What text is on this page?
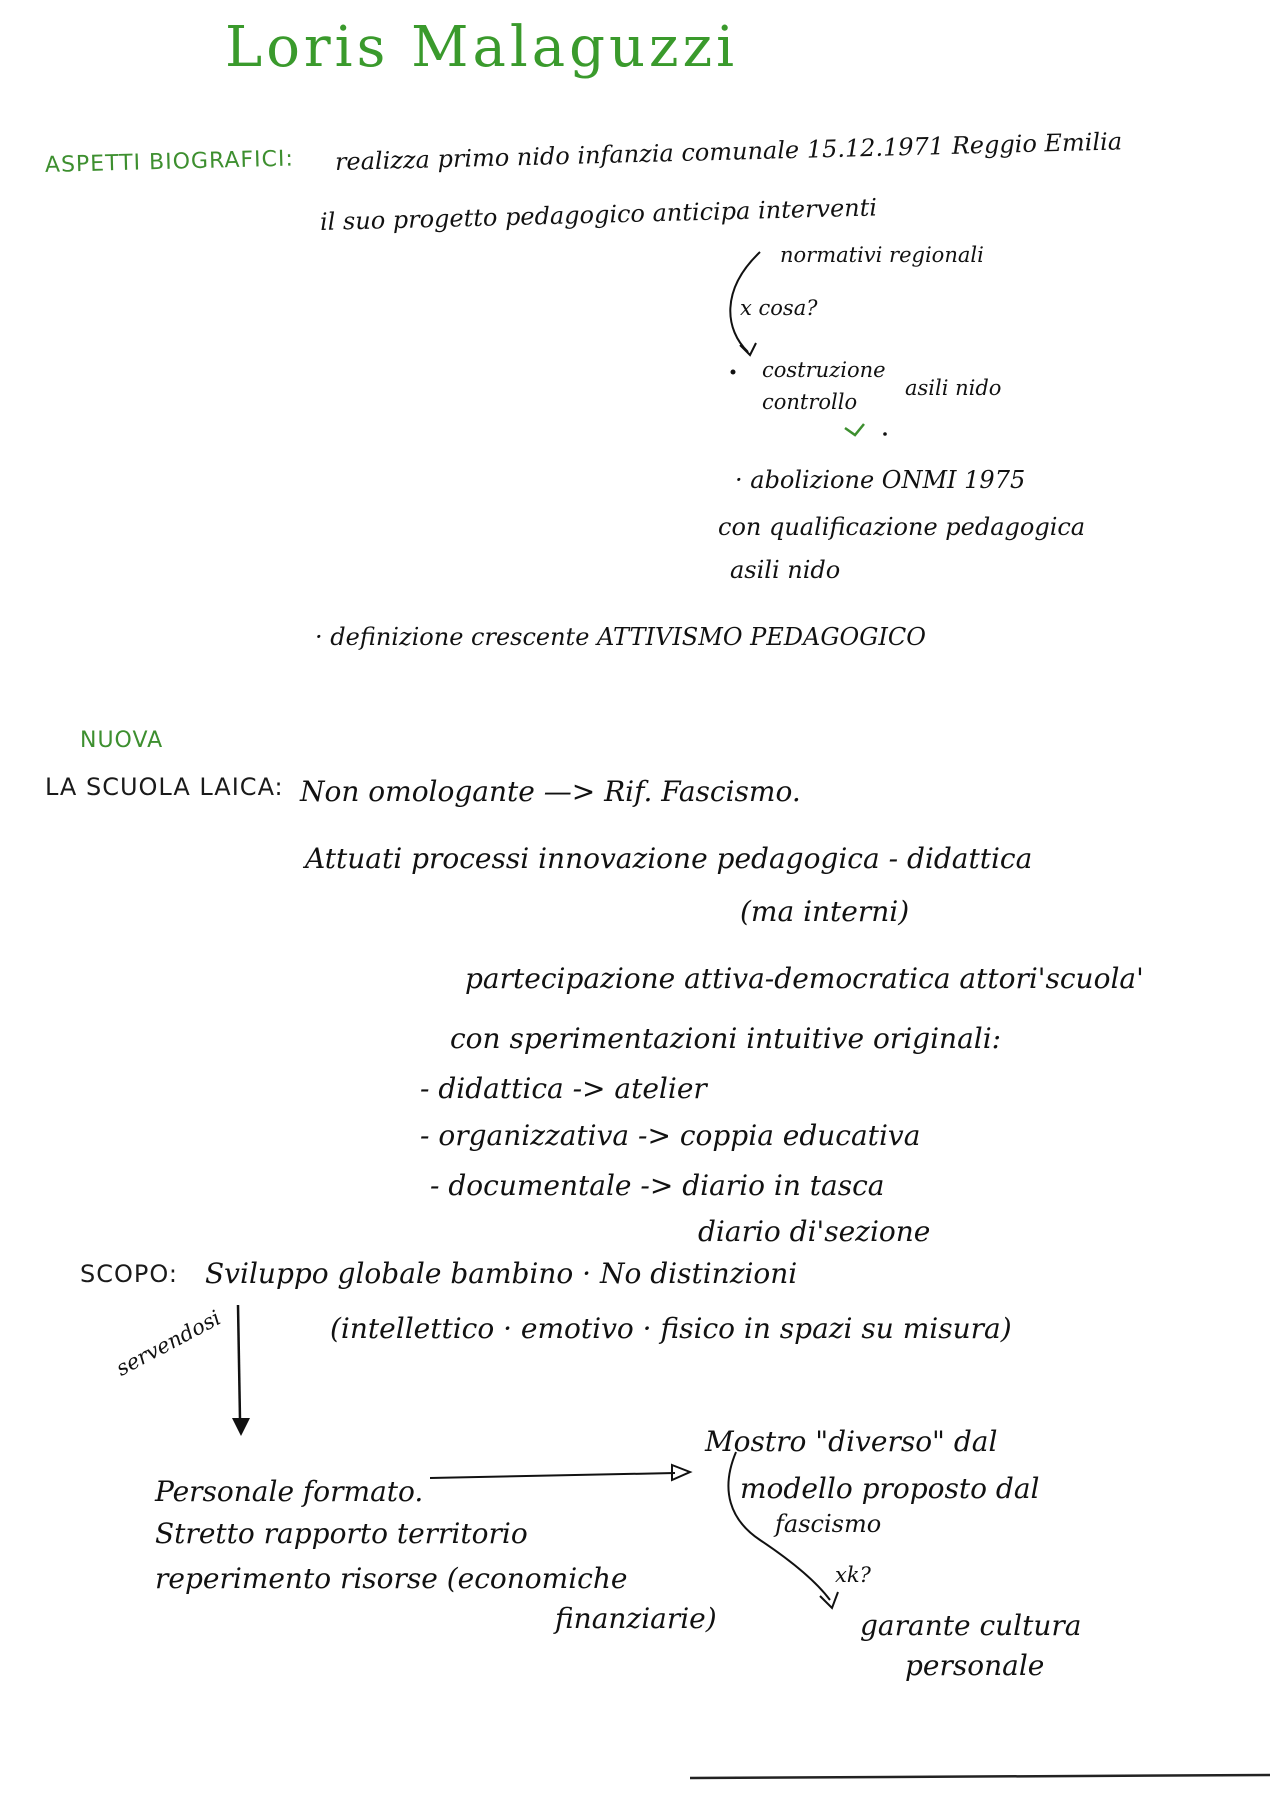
Loris Malaguzzi
ASPETTI BIOGRAFICI: realizza primo nido infanzia comunale 15.12.1971 Reggio Emilia
il suo progetto pedagogico anticipa interventi
normativi regionali
x cosa?
costruzione
controllo
asili nido
· abolizione ONMI 1975
con qualificazione pedagogica
asili nido
· definizione crescente ATTIVISMO PEDAGOGICO
NUOVA
LA SCUOLA LAICA: Non omologante —> Rif. Fascismo.
Attuati processi innovazione pedagogica - didattica
(ma interni)
partecipazione attiva-democratica attori'scuola'
con sperimentazioni intuitive originali:
- didattica -> atelier
- organizzativa -> coppia educativa
- documentale -> diario in tasca
diario di'sezione
SCOPO: Sviluppo globale bambino · No distinzioni
(intellettico · emotivo · fisico in spazi su misura)
servendosi
Personale formato.
Stretto rapporto territorio
reperimento risorse (economiche
finanziarie)
Mostro "diverso" dal
modello proposto dal
fascismo
xk?
garante cultura
personale
